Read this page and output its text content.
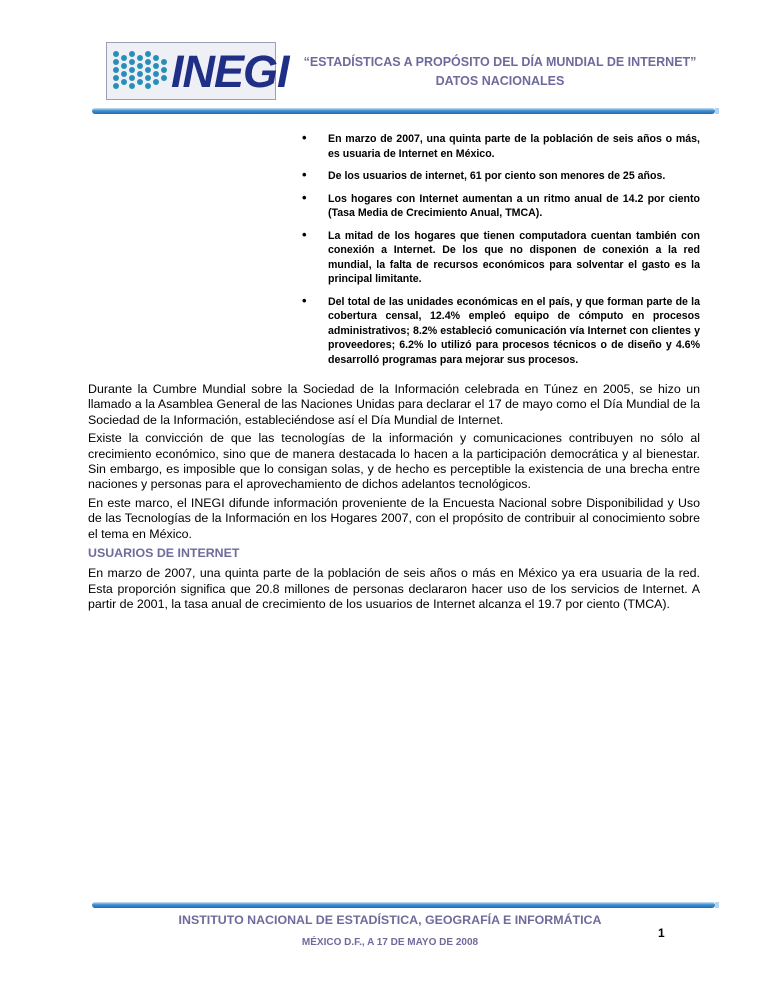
INEGI	“ESTADÍSTICAS A PROPÓSITO DEL DÍA MUNDIAL DE INTERNET”
DATOS NACIONALES
• En marzo de 2007, una quinta parte de la población de seis años o más, es usuaria de Internet en México.
• De los usuarios de internet, 61 por ciento son menores de 25 años.
• Los hogares con Internet aumentan a un ritmo anual de 14.2 por ciento (Tasa Media de Crecimiento Anual, TMCA).
• La mitad de los hogares que tienen computadora cuentan también con conexión a Internet. De los que no disponen de conexión a la red mundial, la falta de recursos económicos para solventar el gasto es la principal limitante.
• Del total de las unidades económicas en el país, y que forman parte de la cobertura censal, 12.4% empleó equipo de cómputo en procesos administrativos; 8.2% estableció comunicación vía Internet con clientes y proveedores; 6.2% lo utilizó para procesos técnicos o de diseño y 4.6% desarrolló programas para mejorar sus procesos.

Durante la Cumbre Mundial sobre la Sociedad de la Información celebrada en Túnez en 2005, se hizo un llamado a la Asamblea General de las Naciones Unidas para declarar el 17 de mayo como el Día Mundial de la Sociedad de la Información, estableciéndose así el Día Mundial de Internet.

Existe la convicción de que las tecnologías de la información y comunicaciones contribuyen no sólo al crecimiento económico, sino que de manera destacada lo hacen a la participación democrática y al bienestar. Sin embargo, es imposible que lo consigan solas, y de hecho es perceptible la existencia de una brecha entre naciones y personas para el aprovechamiento de dichos adelantos tecnológicos.

En este marco, el INEGI difunde información proveniente de la Encuesta Nacional sobre Disponibilidad y Uso de las Tecnologías de la Información en los Hogares 2007, con el propósito de contribuir al conocimiento sobre el tema en México.

USUARIOS DE INTERNET

En marzo de 2007, una quinta parte de la población de seis años o más en México ya era usuaria de la red. Esta proporción significa que 20.8 millones de personas declararon hacer uso de los servicios de Internet. A partir de 2001, la tasa anual de crecimiento de los usuarios de Internet alcanza el 19.7 por ciento (TMCA).

INSTITUTO NACIONAL DE ESTADÍSTICA, GEOGRAFÍA E INFORMÁTICA
1
MÉXICO D.F., A 17 DE MAYO DE 2008
